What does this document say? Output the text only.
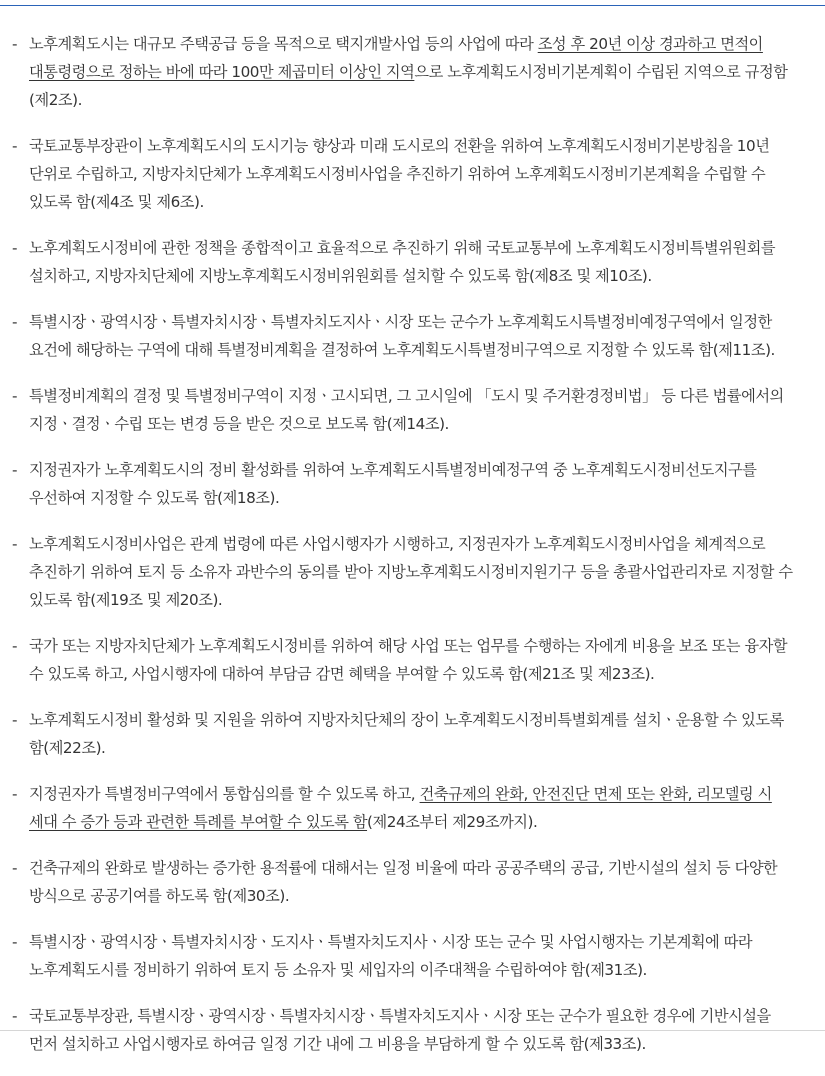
- 노후계획도시는 대규모 주택공급 등을 목적으로 택지개발사업 등의 사업에 따라 조성 후 20년 이상 경과하고 면적이 대통령령으로 정하는 바에 따라 100만 제곱미터 이상인 지역으로 노후계획도시정비기본계획이 수립된 지역으로 규정함(제2조).
- 국토교통부장관이 노후계획도시의 도시기능 향상과 미래 도시로의 전환을 위하여 노후계획도시정비기본방침을 10년 단위로 수립하고, 지방자치단체가 노후계획도시정비사업을 추진하기 위하여 노후계획도시정비기본계획을 수립할 수 있도록 함(제4조 및 제6조).
- 노후계획도시정비에 관한 정책을 종합적이고 효율적으로 추진하기 위해 국토교통부에 노후계획도시정비특별위원회를 설치하고, 지방자치단체에 지방노후계획도시정비위원회를 설치할 수 있도록 함(제8조 및 제10조).
- 특별시장ㆍ광역시장ㆍ특별자치시장ㆍ특별자치도지사ㆍ시장 또는 군수가 노후계획도시특별정비예정구역에서 일정한 요건에 해당하는 구역에 대해 특별정비계획을 결정하여 노후계획도시특별정비구역으로 지정할 수 있도록 함(제11조).
- 특별정비계획의 결정 및 특별정비구역이 지정ㆍ고시되면, 그 고시일에 「도시 및 주거환경정비법」 등 다른 법률에서의 지정ㆍ결정ㆍ수립 또는 변경 등을 받은 것으로 보도록 함(제14조).
- 지정권자가 노후계획도시의 정비 활성화를 위하여 노후계획도시특별정비예정구역 중 노후계획도시정비선도지구를 우선하여 지정할 수 있도록 함(제18조).
- 노후계획도시정비사업은 관계 법령에 따른 사업시행자가 시행하고, 지정권자가 노후계획도시정비사업을 체계적으로 추진하기 위하여 토지 등 소유자 과반수의 동의를 받아 지방노후계획도시정비지원기구 등을 총괄사업관리자로 지정할 수 있도록 함(제19조 및 제20조).
- 국가 또는 지방자치단체가 노후계획도시정비를 위하여 해당 사업 또는 업무를 수행하는 자에게 비용을 보조 또는 융자할 수 있도록 하고, 사업시행자에 대하여 부담금 감면 혜택을 부여할 수 있도록 함(제21조 및 제23조).
- 노후계획도시정비 활성화 및 지원을 위하여 지방자치단체의 장이 노후계획도시정비특별회계를 설치ㆍ운용할 수 있도록 함(제22조).
- 지정권자가 특별정비구역에서 통합심의를 할 수 있도록 하고, 건축규제의 완화, 안전진단 면제 또는 완화, 리모델링 시 세대 수 증가 등과 관련한 특례를 부여할 수 있도록 함(제24조부터 제29조까지).
- 건축규제의 완화로 발생하는 증가한 용적률에 대해서는 일정 비율에 따라 공공주택의 공급, 기반시설의 설치 등 다양한 방식으로 공공기여를 하도록 함(제30조).
- 특별시장ㆍ광역시장ㆍ특별자치시장ㆍ도지사ㆍ특별자치도지사ㆍ시장 또는 군수 및 사업시행자는 기본계획에 따라 노후계획도시를 정비하기 위하여 토지 등 소유자 및 세입자의 이주대책을 수립하여야 함(제31조).
- 국토교통부장관, 특별시장ㆍ광역시장ㆍ특별자치시장ㆍ특별자치도지사ㆍ시장 또는 군수가 필요한 경우에 기반시설을 먼저 설치하고 사업시행자로 하여금 일정 기간 내에 그 비용을 부담하게 할 수 있도록 함(제33조).
